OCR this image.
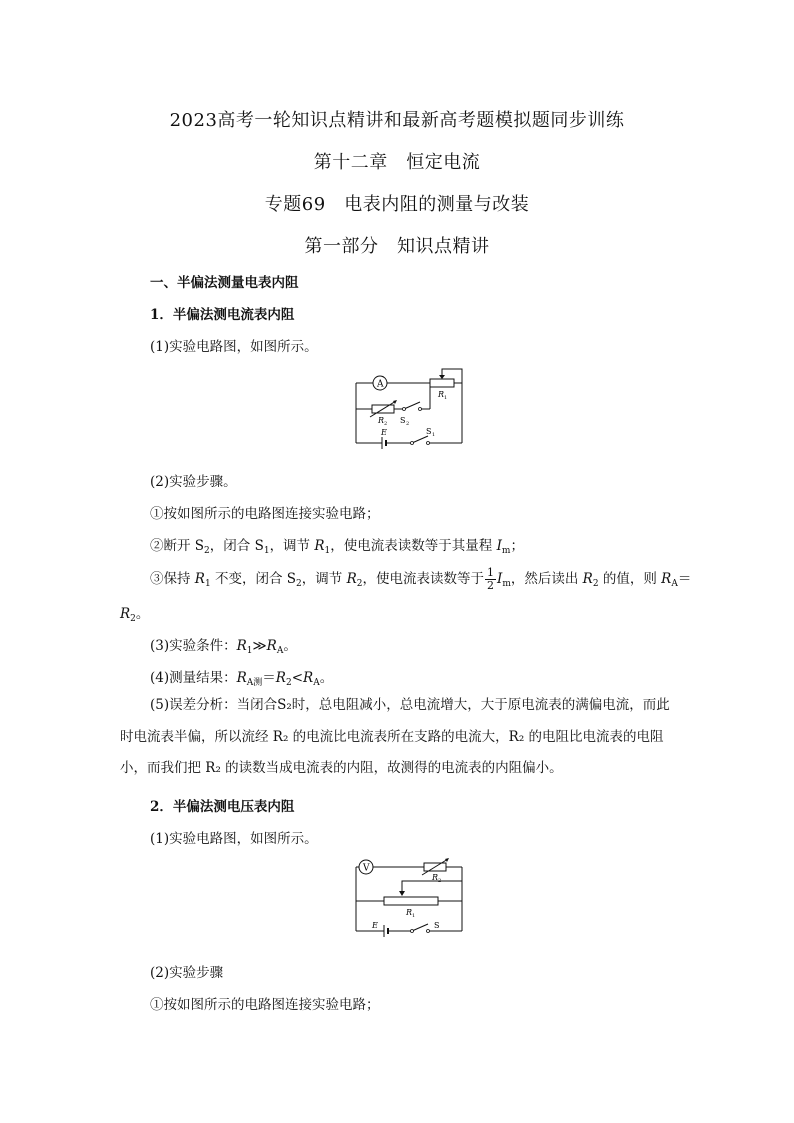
2023高考一轮知识点精讲和最新高考题模拟题同步训练
第十二章　恒定电流
专题69　电表内阻的测量与改装
第一部分　知识点精讲
一、半偏法测量电表内阻
1．半偏法测电流表内阻
(1)实验电路图，如图所示。
A
R 1
R 2 S 2
E	S 1
(2)实验步骤。
①按如图所示的电路图连接实验电路；
②断开 $S_2$，闭合 $S_1$，调节 $R_1$，使电流表读数等于其量程 $I_m$；
③保持 $R_1$ 不变，闭合 $S_2$，调节 $R_2$，使电流表读数等于 $\frac{1}{2} I_m$，然后读出 $R_2$ 的值，则 $R_A=$
$R_2$。
(3)实验条件：$R_1≫R_A$。
(4)测量结果：$R_{A测}=R_2<R_A$。
(5)误差分析：当闭合S₂时，总电阻减小，总电流增大，大于原电流表的满偏电流，而此时电流表半偏，所以流经 R₂ 的电流比电流表所在支路的电流大，R₂ 的电阻比电流表的电阻小，而我们把 R₂ 的读数当成电流表的内阻，故测得的电流表的内阻偏小。
2．半偏法测电压表内阻
(1)实验电路图，如图所示。
V
R 2
R 1
E	S
(2)实验步骤
①按如图所示的电路图连接实验电路；
